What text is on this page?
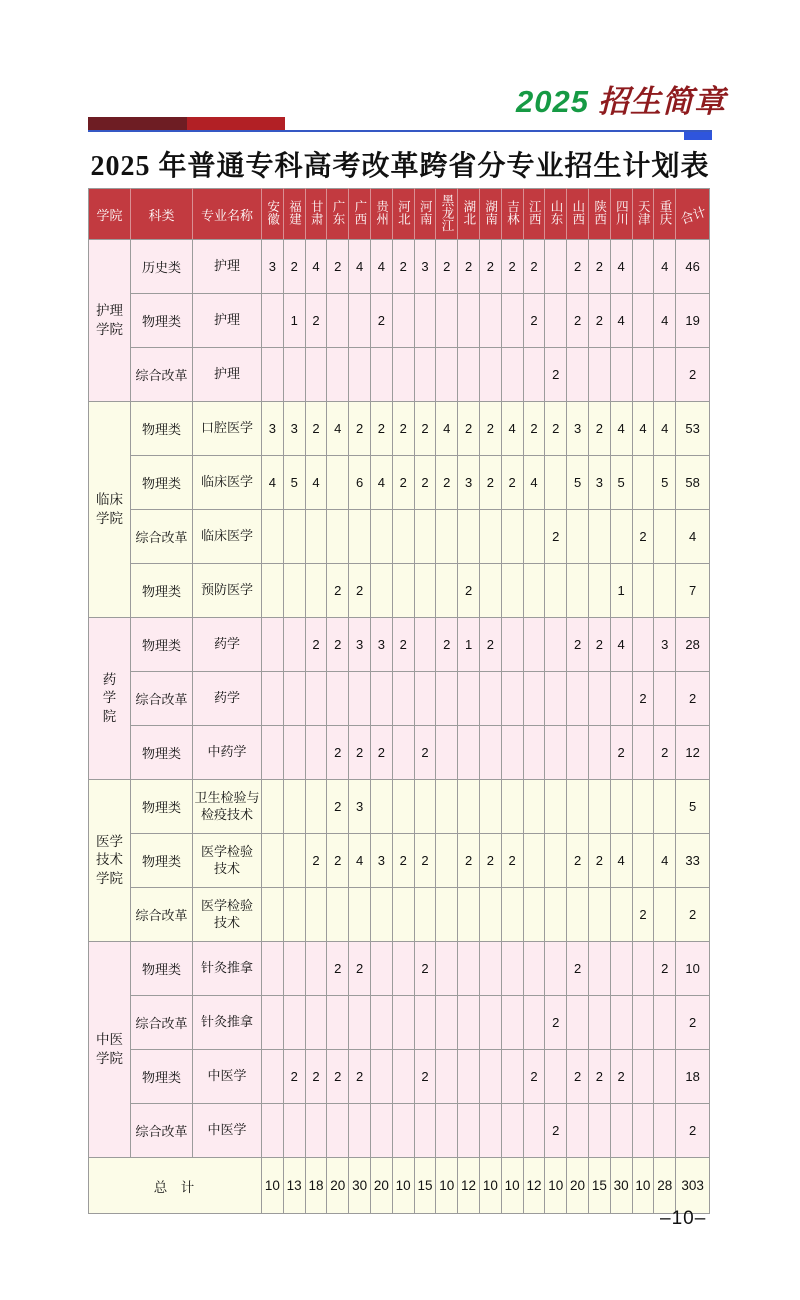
2025 招生简章
2025 年普通专科高考改革跨省分专业招生计划表
学院	科类	专业名称	安徽	福建	甘肃	广东	广西	贵州	河北	河南	黑龙江	湖北	湖南	吉林	江西	山东	山西	陕西	四川	天津	重庆	合计
护理
学院	历史类	护理	3	2	4	2	4	4	2	3	2	2	2	2	2		2	2	4		4	46
	物理类	护理		1	2			2							2		2	2	4		4	19
	综合改革	护理														2						2
临床
学院	物理类	口腔医学	3	3	2	4	2	2	2	2	4	2	2	4	2	2	3	2	4	4	4	53
	物理类	临床医学	4	5	4		6	4	2	2	2	3	2	2	4		5	3	5		5	58
	综合改革	临床医学														2				2		4
	物理类	预防医学				2	2					2							1			7
药
学
院	物理类	药学			2	2	3	3	2		2	1	2				2	2	4		3	28
	综合改革	药学																		2		2
	物理类	中药学				2	2	2		2									2		2	12
医学
技术
学院	物理类	卫生检验与
检疫技术				2	3															5
	物理类	医学检验
技术			2	2	4	3	2	2		2	2	2			2	2	4		4	33
	综合改革	医学检验
技术																		2		2
中医
学院	物理类	针灸推拿				2	2			2							2				2	10
	综合改革	针灸推拿														2						2
	物理类	中医学		2	2	2	2			2					2		2	2	2			18
	综合改革	中医学														2						2
总  计			10	13	18	20	30	20	10	15	10	12	10	10	12	10	20	15	30	10	28	303
–10–
